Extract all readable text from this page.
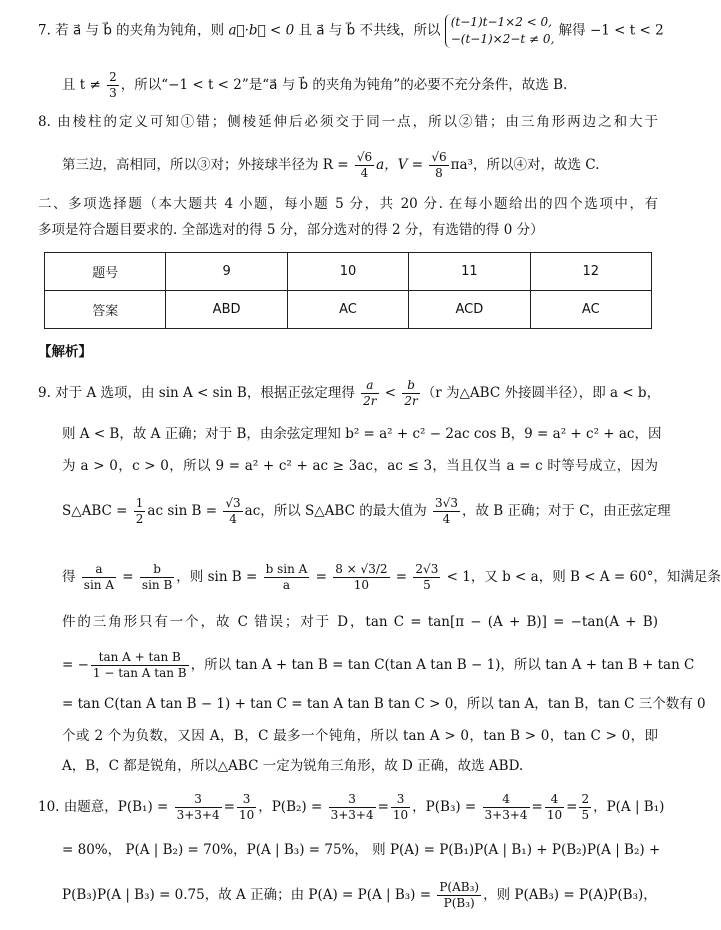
7. 若 a⃗ 与 b⃗ 的夹角为钝角，则 a⃗·b⃗ < 0 且 a⃗ 与 b⃗ 不共线，所以
(t−1)t−1×2 < 0,
−(t−1)×2−t ≠ 0,
解得 −1 < t < 2
且 $t \ne \frac{2}{3}$ ，所以“−1 < t < 2”是“a⃗ 与 b⃗ 的夹角为钝角”的必要不充分条件，故选 B.
8. 由棱柱的定义可知①错；侧棱延伸后必须交于同一点，所以②错；由三角形两边之和大于
第三边，高相同，所以③对；外接球半径为 $R = \frac{√6}{4}$ a，$V = \frac{√6}{8} \pi a^3$，所以④对，故选 C.
二、多项选择题（本大题共 4 小题，每小题 5 分，共 20 分. 在每小题给出的四个选项中，有
多项是符合题目要求的. 全部选对的得 5 分，部分选对的得 2 分，有选错的得 0 分）
题号	9	10	11	12
答案	ABD	AC	ACD	AC
【解析】
9. 对于 A 选项，由 sin A < sin B，根据正弦定理得 $\frac{a}{2r} < \frac{b}{2r} (r$ 为△ABC 外接圆半径），即 a < b，
则 A < B，故 A 正确；对于 B，由余弦定理知 b² = a² + c² − 2ac cos B，9 = a² + c² + ac，因
为 a > 0，c > 0，所以 9 = a² + c² + ac ≥ 3ac，ac ≤ 3，当且仅当 a = c 时等号成立，因为
S△ABC = $\frac{1}{2}$ ac $\sin B = \frac{√3}{4}$ ac，所以 S△ABC 的最大值为 $\frac{3√3}{4}$ ，故 B 正确；对于 C，由正弦定理
得 $\frac{a}{\text{sin A}} = \frac{b}{\text{sin B}}$ ，则 $\sin B = \frac{\text{b sin A}}{a} = \frac{8 \times √3/2}{10} = \frac{2√3}{5} < 1$，又 b < a，则 B < A = 60°，知满足条
件的三角形只有一个，故 C 错误；对于 D，tan C = tan[π − (A + B)] = −tan(A + B)
= − $\frac{\text{tan A + tan B}}{\text{1 − tan A tan B}}$ ，所以 tan A + tan B = tan C(tan A tan B − 1)，所以 tan A + tan B + tan C
= tan C(tan A tan B − 1) + tan C = tan A tan B tan C > 0，所以 tan A，tan B，tan C 三个数有 0
个或 2 个为负数，又因 A，B，C 最多一个钝角，所以 tan A > 0，tan B > 0，tan C > 0，即
A，B，C 都是锐角，所以△ABC 一定为锐角三角形，故 D 正确，故选 ABD.
10. 由题意，$P(B_1) = \frac{3}{3+3+4} = \frac{3}{10}$ ，$P(B_2) = \frac{3}{3+3+4} = \frac{3}{10}$ ，$P(B_3) = \frac{4}{3+3+4} = \frac{4}{10} = \frac{2}{5}$ ，P(A | B₁)
= 80%， P(A | B₂) = 70%，P(A | B₃) = 75%， 则 P(A) = P(B₁)P(A | B₁) + P(B₂)P(A | B₂) +
P(B₃)P(A | B₃) = 0.75，故 A 正确；由 P(A) = P(A | $B_3) = \frac{\text{P(AB₃)}}{\text{P(B₃)}}$ ，则 P(AB₃) = P(A)P(B₃)，
